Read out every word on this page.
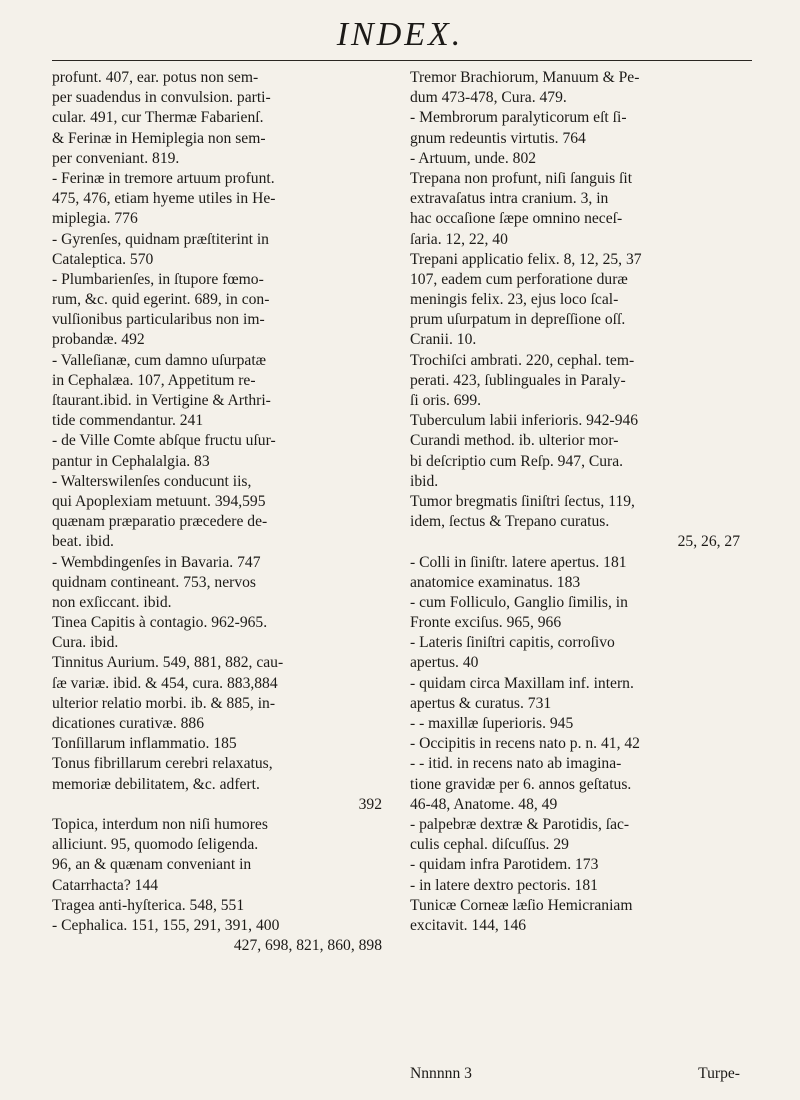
INDEX.
profunt. 407, ear. potus non sem-
per suadendus in convulsion. parti-
cular. 491, cur Thermæ Fabarienſ.
& Ferinæ in Hemiplegia non sem-
per conveniant. 819.
- Ferinæ in tremore artuum profunt.
475, 476, etiam hyeme utiles in He-
miplegia. 776
- Gyrenſes, quidnam præſtiterint in
Cataleptica. 570
- Plumbarienſes, in ſtupore fœmo-
rum, &c. quid egerint. 689, in con-
vulſionibus particularibus non im-
probandæ. 492
- Valleſianæ, cum damno uſurpatæ
in Cephalæa. 107, Appetitum re-
ſtaurant.ibid. in Vertigine & Arthri-
tide commendantur. 241
- de Ville Comte abſque fructu uſur-
pantur in Cephalalgia. 83
- Walterswilenſes conducunt iis,
qui Apoplexiam metuunt. 394,595
quænam præparatio præcedere de-
beat. ibid.
- Wembdingenſes in Bavaria. 747
quidnam contineant. 753, nervos
non exſiccant. ibid.
Tinea Capitis à contagio. 962-965.
Cura. ibid.
Tinnitus Aurium. 549, 881, 882, cau-
ſæ variæ. ibid. & 454, cura. 883,884
ulterior relatio morbi. ib. & 885, in-
dicationes curativæ. 886
Tonſillarum inflammatio. 185
Tonus fibrillarum cerebri relaxatus,
memoriæ debilitatem, &c. adfert.
392
Topica, interdum non niſi humores
alliciunt. 95, quomodo ſeligenda.
96, an & quænam conveniant in
Catarrhacta? 144
Tragea anti-hyſterica. 548, 551
- Cephalica. 151, 155, 291, 391, 400
427, 698, 821, 860, 898
Tremor Brachiorum, Manuum & Pe-
dum 473-478, Cura. 479.
- Membrorum paralyticorum eſt ſi-
gnum redeuntis virtutis. 764
- Artuum, unde. 802
Trepana non profunt, niſi ſanguis ſit
extravaſatus intra cranium. 3, in
hac occaſione ſæpe omnino neceſ-
ſaria. 12, 22, 40
Trepani applicatio felix. 8, 12, 25, 37
107, eadem cum perforatione duræ
meningis felix. 23, ejus loco ſcal-
prum uſurpatum in depreſſione oſſ.
Cranii. 10.
Trochiſci ambrati. 220, cephal. tem-
perati. 423, ſublinguales in Paraly-
ſi oris. 699.
Tuberculum labii inferioris. 942-946
Curandi method. ib. ulterior mor-
bi deſcriptio cum Reſp. 947, Cura.
ibid.
Tumor bregmatis ſiniſtri ſectus, 119,
idem, ſectus & Trepano curatus.
25, 26, 27
- Colli in ſiniſtr. latere apertus. 181
anatomice examinatus. 183
- cum Folliculo, Ganglio ſimilis, in
Fronte exciſus. 965, 966
- Lateris ſiniſtri capitis, corroſivo
apertus. 40
- quidam circa Maxillam inf. intern.
apertus & curatus. 731
- - maxillæ ſuperioris. 945
- Occipitis in recens nato p. n. 41, 42
- - itid. in recens nato ab imagina-
tione gravidæ per 6. annos geſtatus.
46-48, Anatome. 48, 49
- palpebræ dextræ & Parotidis, ſac-
culis cephal. diſcuſſus. 29
- quidam infra Parotidem. 173
- in latere dextro pectoris. 181
Tunicæ Corneæ læſio Hemicraniam
excitavit. 144, 146
Nnnnnn 3	Turpe-
